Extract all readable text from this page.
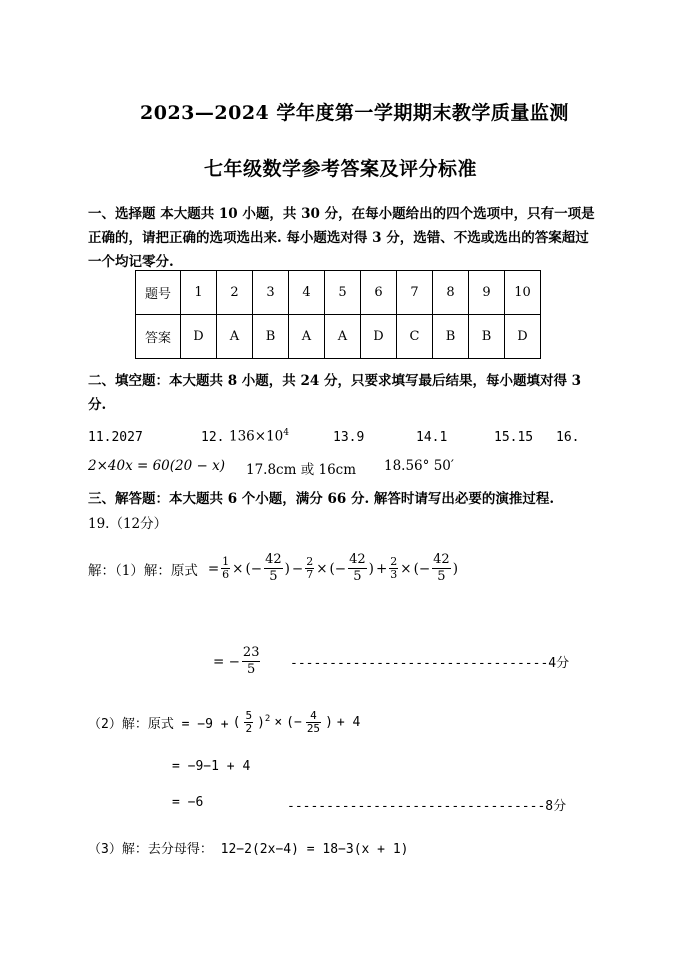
2023—2024 学年度第一学期期末教学质量监测
七年级数学参考答案及评分标准
一、选择题 本大题共 10 小题，共 30 分，在每小题给出的四个选项中，只有一项是
正确的，请把正确的选项选出来. 每小题选对得 3 分，选错、不选或选出的答案超过
一个均记零分.
题号	1	2	3	4	5	6	7	8	9	10
答案	D	A	B	A	A	D	C	B	B	D
二、填空题：本大题共 8 小题，共 24 分，只要求填写最后结果，每小题填对得 3
分.
11.2027	12. $136\times 10^4$	13.9	14.1	15.15 16.
2×40x = 60(20 − x) 17.8cm 或 16cm 18.56° 50′
三、解答题：本大题共 6 个小题，满分 66 分. 解答时请写出必要的演推过程.
19.（12分）
解：（1）解：原式 = $\frac{1}{6}$ × (− $\frac{42}{5}$ ) − $\frac{2}{7}$ × (− $\frac{42}{5}$ ) + $\frac{2}{3}$ × (− $\frac{42}{5}$ )
= − $\frac{23}{5} ---------------------------------4$分
（2）解：原式 = −9 + ( $\frac{5}{2} )^2$ × (− $\frac{4}{25}$ ) + 4
= −9−1 + 4
= −6	---------------------------------8分
（3）解：去分母得： 12−2(2x−4) = 18−3(x + 1)
